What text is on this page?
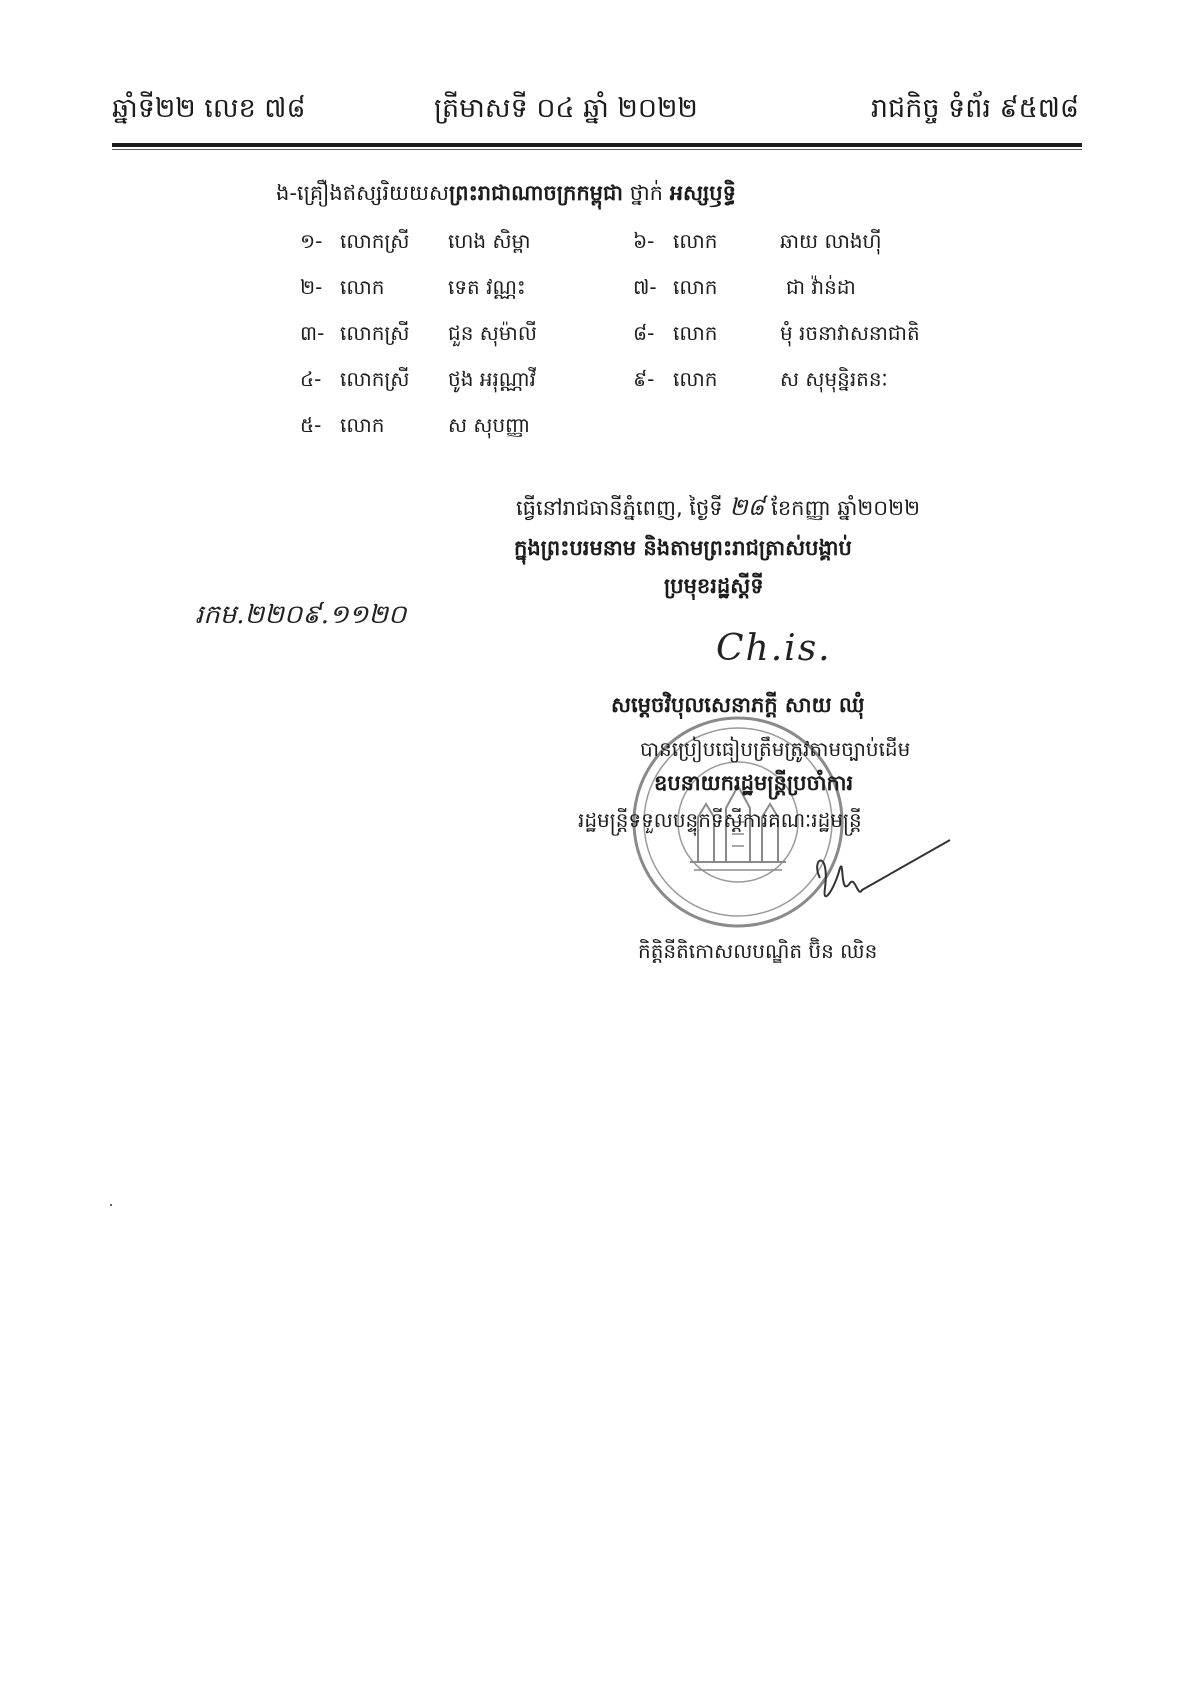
ឆ្នាំទី២២ លេខ ៧៨	ត្រីមាសទី ០៤ ឆ្នាំ ២០២២	រាជកិច្ច ទំព័រ ៩៥៧៨
ង-គ្រឿងឥស្សរិយយសព្រះរាជាណាចក្រកម្ពុជា ថ្នាក់ អស្សឫទ្ធិ
១- លោកស្រី ហេង សិម្ពា
២- លោក	ទេត វណ្ណះ
៣- លោកស្រី ជួន សុម៉ាលី
៤- លោកស្រី ថូង អរុណ្ណាវី
៥- លោក	ស សុបញ្ញា
៦- លោក	ឆាយ លាងហ៊ី
៧- លោក	ជា វ៉ាន់ដា
៨- លោក	មុំ រចនាវាសនាជាតិ
៩- លោក	ស សុមុន្និរតនៈ
ធ្វើនៅរាជធានីភ្នំពេញ, ថ្ងៃទី ២៨ ខែកញ្ញា ឆ្នាំ២០២២
ក្នុងព្រះបរមនាម និងតាមព្រះរាជត្រាស់បង្គាប់
ប្រមុខរដ្ឋស្តីទី
រកម.២២០៩.១១២០
Ch.is.
សម្តេចវិបុលសេនាភក្តី សាយ ឈុំ
បានប្រៀបធៀបត្រឹមត្រូវតាមច្បាប់ដើម
ឧបនាយករដ្ឋមន្ត្រីប្រចាំការ
រដ្ឋមន្ត្រីទទួលបន្ទុកទីស្តីការគណៈរដ្ឋមន្ត្រី
កិត្តិនីតិកោសលបណ្ឌិត ប៊ិន ឈិន
